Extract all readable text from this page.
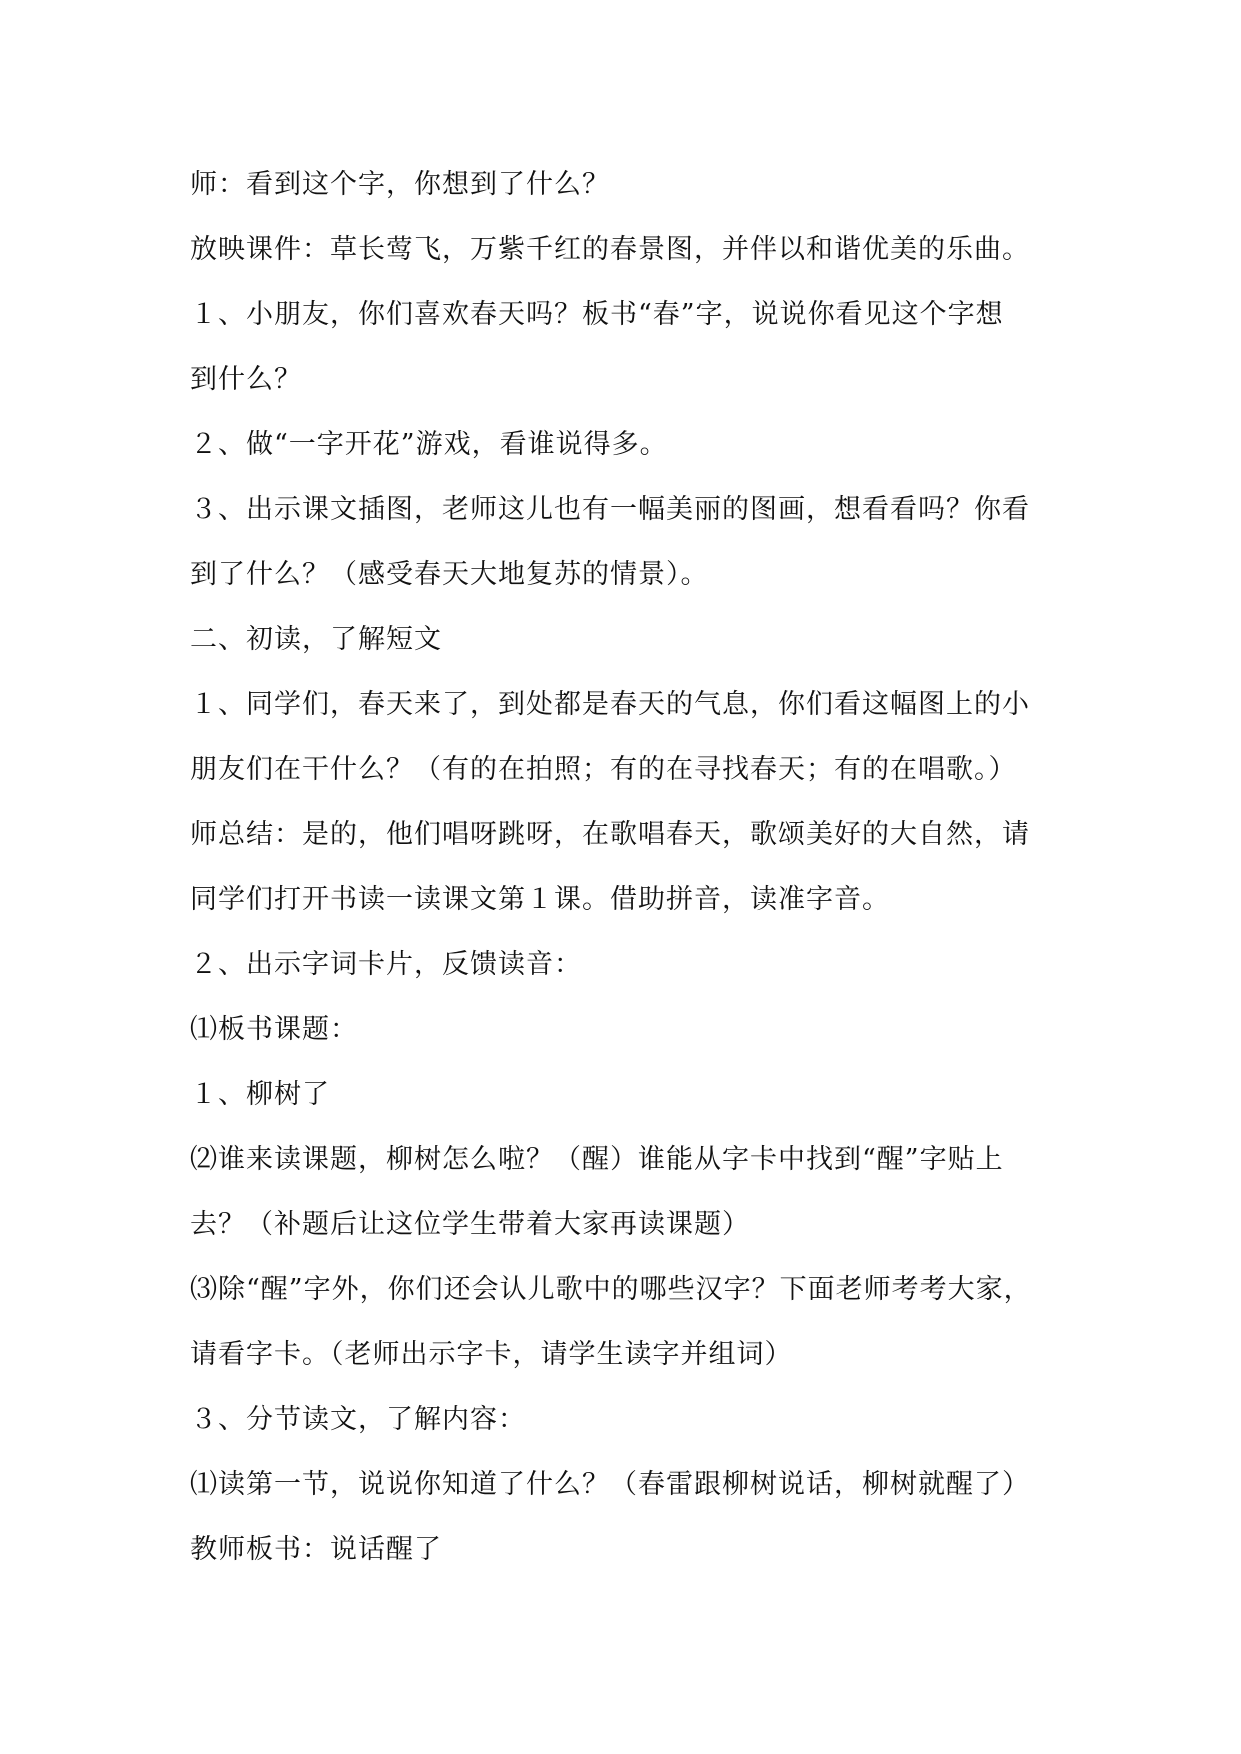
师：看到这个字，你想到了什么？
放映课件：草长莺飞，万紫千红的春景图，并伴以和谐优美的乐曲。
１、小朋友，你们喜欢春天吗？板书“春”字，说说你看见这个字想
到什么？
２、做“一字开花”游戏，看谁说得多。
３、出示课文插图，老师这儿也有一幅美丽的图画，想看看吗？你看
到了什么？（感受春天大地复苏的情景）。
二、初读，了解短文
１、同学们，春天来了，到处都是春天的气息，你们看这幅图上的小
朋友们在干什么？（有的在拍照；有的在寻找春天；有的在唱歌。）
师总结：是的，他们唱呀跳呀，在歌唱春天，歌颂美好的大自然，请
同学们打开书读一读课文第１课。借助拼音，读准字音。
２、出示字词卡片，反馈读音：
⑴板书课题：
１、柳树了
⑵谁来读课题，柳树怎么啦？（醒）谁能从字卡中找到“醒”字贴上
去？（补题后让这位学生带着大家再读课题）
⑶除“醒”字外，你们还会认儿歌中的哪些汉字？下面老师考考大家，
请看字卡。（老师出示字卡，请学生读字并组词）
３、分节读文，了解内容：
⑴读第一节，说说你知道了什么？（春雷跟柳树说话，柳树就醒了）
教师板书：说话醒了
